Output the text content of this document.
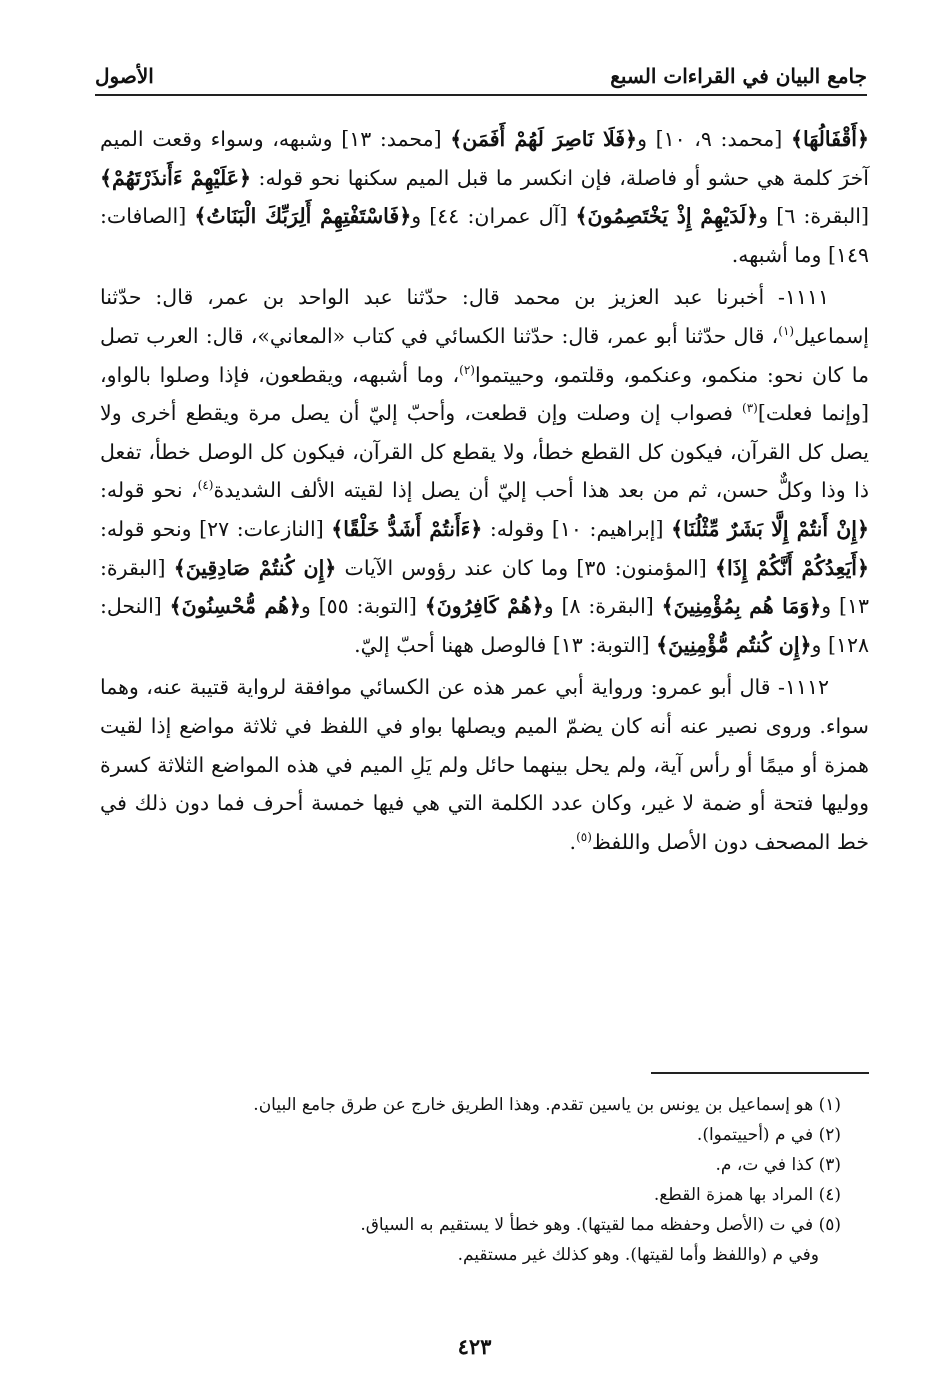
جامع البيان في القراءات السبع
الأصول

﴿أَقْفَالُهَا﴾ [محمد: ٩، ١٠] و﴿فَلَا نَاصِرَ لَهُمْ أَفَمَن﴾ [محمد: ١٣] وشبهه، وسواء وقعت الميم آخرَ كلمة هي حشو أو فاصلة، فإن انكسر ما قبل الميم سكنها نحو قوله: ﴿عَلَيْهِمْ ءَأَنذَرْتَهُمْ﴾ [البقرة: ٦] و﴿لَدَيْهِمْ إِذْ يَخْتَصِمُونَ﴾ [آل عمران: ٤٤] و﴿فَاسْتَفْتِهِمْ أَلِرَبِّكَ الْبَنَاتُ﴾ [الصافات: ١٤٩] وما أشبهه.

١١١١- أخبرنا عبد العزيز بن محمد قال: حدّثنا عبد الواحد بن عمر، قال: حدّثنا إسماعيل$^{(١)}$، قال حدّثنا أبو عمر، قال: حدّثنا الكسائي في كتاب «المعاني»، قال: العرب تصل ما كان نحو: منكمو، وعنكمو، وقلتمو، وحييتموا$^{(٢)}$، وما أشبهه، ويقطعون، فإذا وصلوا بالواو، [وإنما فعلت]$^{(٣)}$ فصواب إن وصلت وإن قطعت، وأحبّ إليّ أن يصل مرة ويقطع أخرى ولا يصل كل القرآن، فيكون كل القطع خطأ، ولا يقطع كل القرآن، فيكون كل الوصل خطأ، تفعل ذا وذا وكلٌّ حسن، ثم من بعد هذا أحب إليّ أن يصل إذا لقيته الألف الشديدة$^{(٤)}$، نحو قوله: ﴿إِنْ أَنتُمْ إِلَّا بَشَرٌ مِّثْلُنَا﴾ [إبراهيم: ١٠] وقوله: ﴿ءَأَنتُمْ أَشَدُّ خَلْقًا﴾ [النازعات: ٢٧] ونحو قوله: ﴿أَيَعِدُكُمْ أَنَّكُمْ إِذَا﴾ [المؤمنون: ٣٥] وما كان عند رؤوس الآيات ﴿إِن كُنتُمْ صَادِقِينَ﴾ [البقرة: ١٣] و﴿وَمَا هُم بِمُؤْمِنِينَ﴾ [البقرة: ٨] و﴿هُمْ كَافِرُونَ﴾ [التوبة: ٥٥] و﴿هُم مُّحْسِنُونَ﴾ [النحل: ١٢٨] و﴿إِن كُنتُم مُّؤْمِنِينَ﴾ [التوبة: ١٣] فالوصل ههنا أحبّ إليّ.

١١١٢- قال أبو عمرو: ورواية أبي عمر هذه عن الكسائي موافقة لرواية قتيبة عنه، وهما سواء. وروى نصير عنه أنه كان يضمّ الميم ويصلها بواو في اللفظ في ثلاثة مواضع إذا لقيت همزة أو ميمًا أو رأس آية، ولم يحل بينهما حائل ولم يَلِ الميم في هذه المواضع الثلاثة كسرة ووليها فتحة أو ضمة لا غير، وكان عدد الكلمة التي هي فيها خمسة أحرف فما دون ذلك في خط المصحف دون الأصل واللفظ$^{(٥)}$.

(١) هو إسماعيل بن يونس بن ياسين تقدم. وهذا الطريق خارج عن طرق جامع البيان.
(٢) في م (أحييتموا).
(٣) كذا في ت، م.
(٤) المراد بها همزة القطع.
(٥) في ت (الأصل وحفظه مما لقيتها). وهو خطأ لا يستقيم به السياق.
وفي م (واللفظ وأما لقيتها). وهو كذلك غير مستقيم.
٤٢٣
